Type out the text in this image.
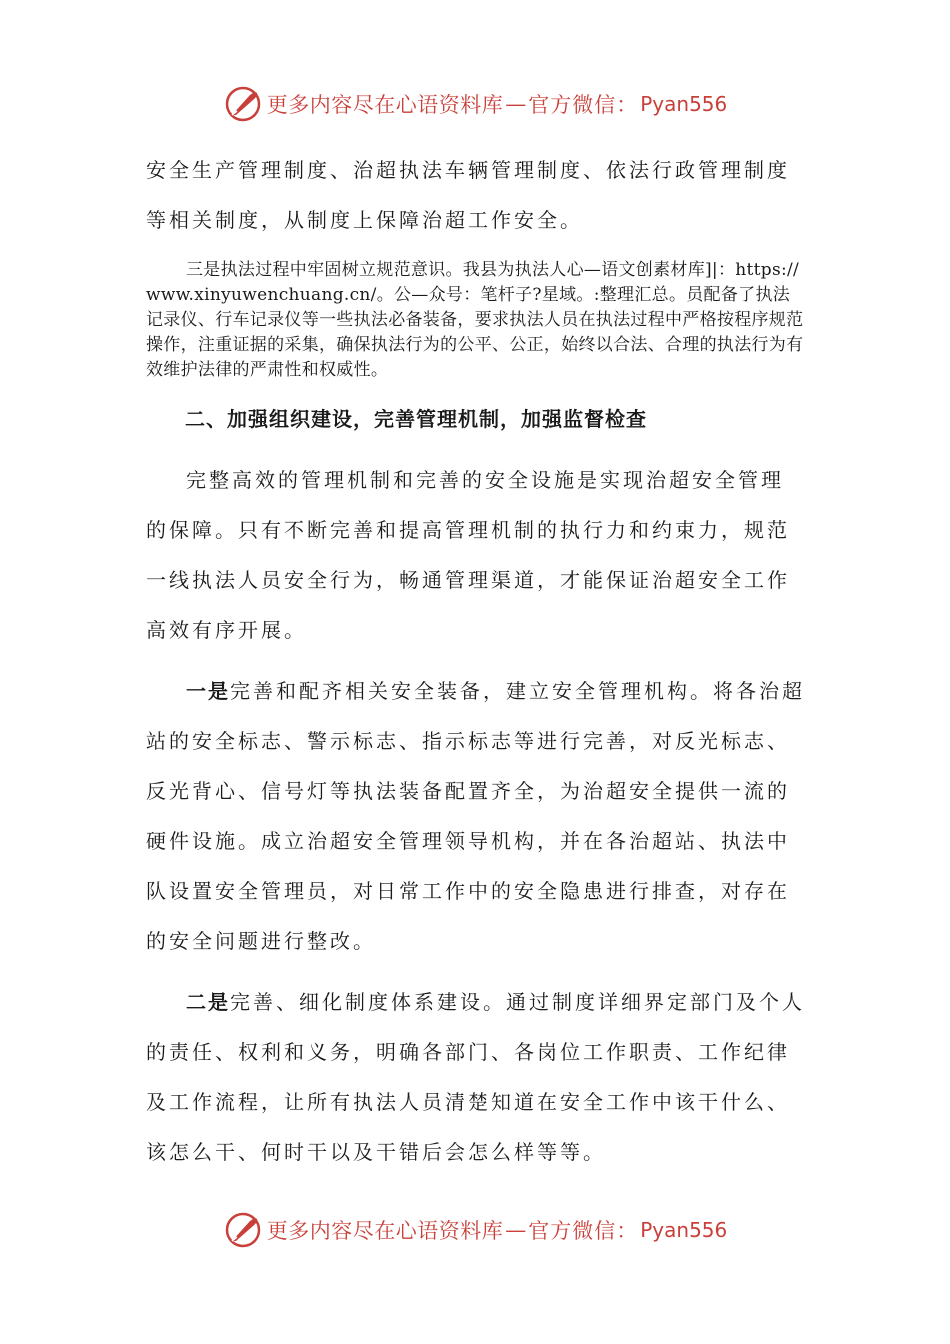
更多内容尽在心语资料库 — 官方微信： Pyan556

安全生产管理制度、治超执法车辆管理制度、依法行政管理制度等相关制度，从制度上保障治超工作安全。

三是执法过程中牢固树立规范意识。我县为执法人心—语文创素材库]|：https://www.xinyuwenchuang.cn/。公—众号：笔杆子?星域。:整理汇总。员配备了执法记录仪、行车记录仪等一些执法必备装备，要求执法人员在执法过程中严格按程序规范操作，注重证据的采集，确保执法行为的公平、公正，始终以合法、合理的执法行为有效维护法律的严肃性和权威性。

二、加强组织建设，完善管理机制，加强监督检查

完整高效的管理机制和完善的安全设施是实现治超安全管理的保障。只有不断完善和提高管理机制的执行力和约束力，规范一线执法人员安全行为，畅通管理渠道，才能保证治超安全工作高效有序开展。

一是完善和配齐相关安全装备，建立安全管理机构。将各治超站的安全标志、警示标志、指示标志等进行完善，对反光标志、反光背心、信号灯等执法装备配置齐全，为治超安全提供一流的硬件设施。成立治超安全管理领导机构，并在各治超站、执法中队设置安全管理员，对日常工作中的安全隐患进行排查，对存在的安全问题进行整改。

二是完善、细化制度体系建设。通过制度详细界定部门及个人的责任、权利和义务，明确各部门、各岗位工作职责、工作纪律及工作流程，让所有执法人员清楚知道在安全工作中该干什么、该怎么干、何时干以及干错后会怎么样等等。

更多内容尽在心语资料库 — 官方微信： Pyan556
